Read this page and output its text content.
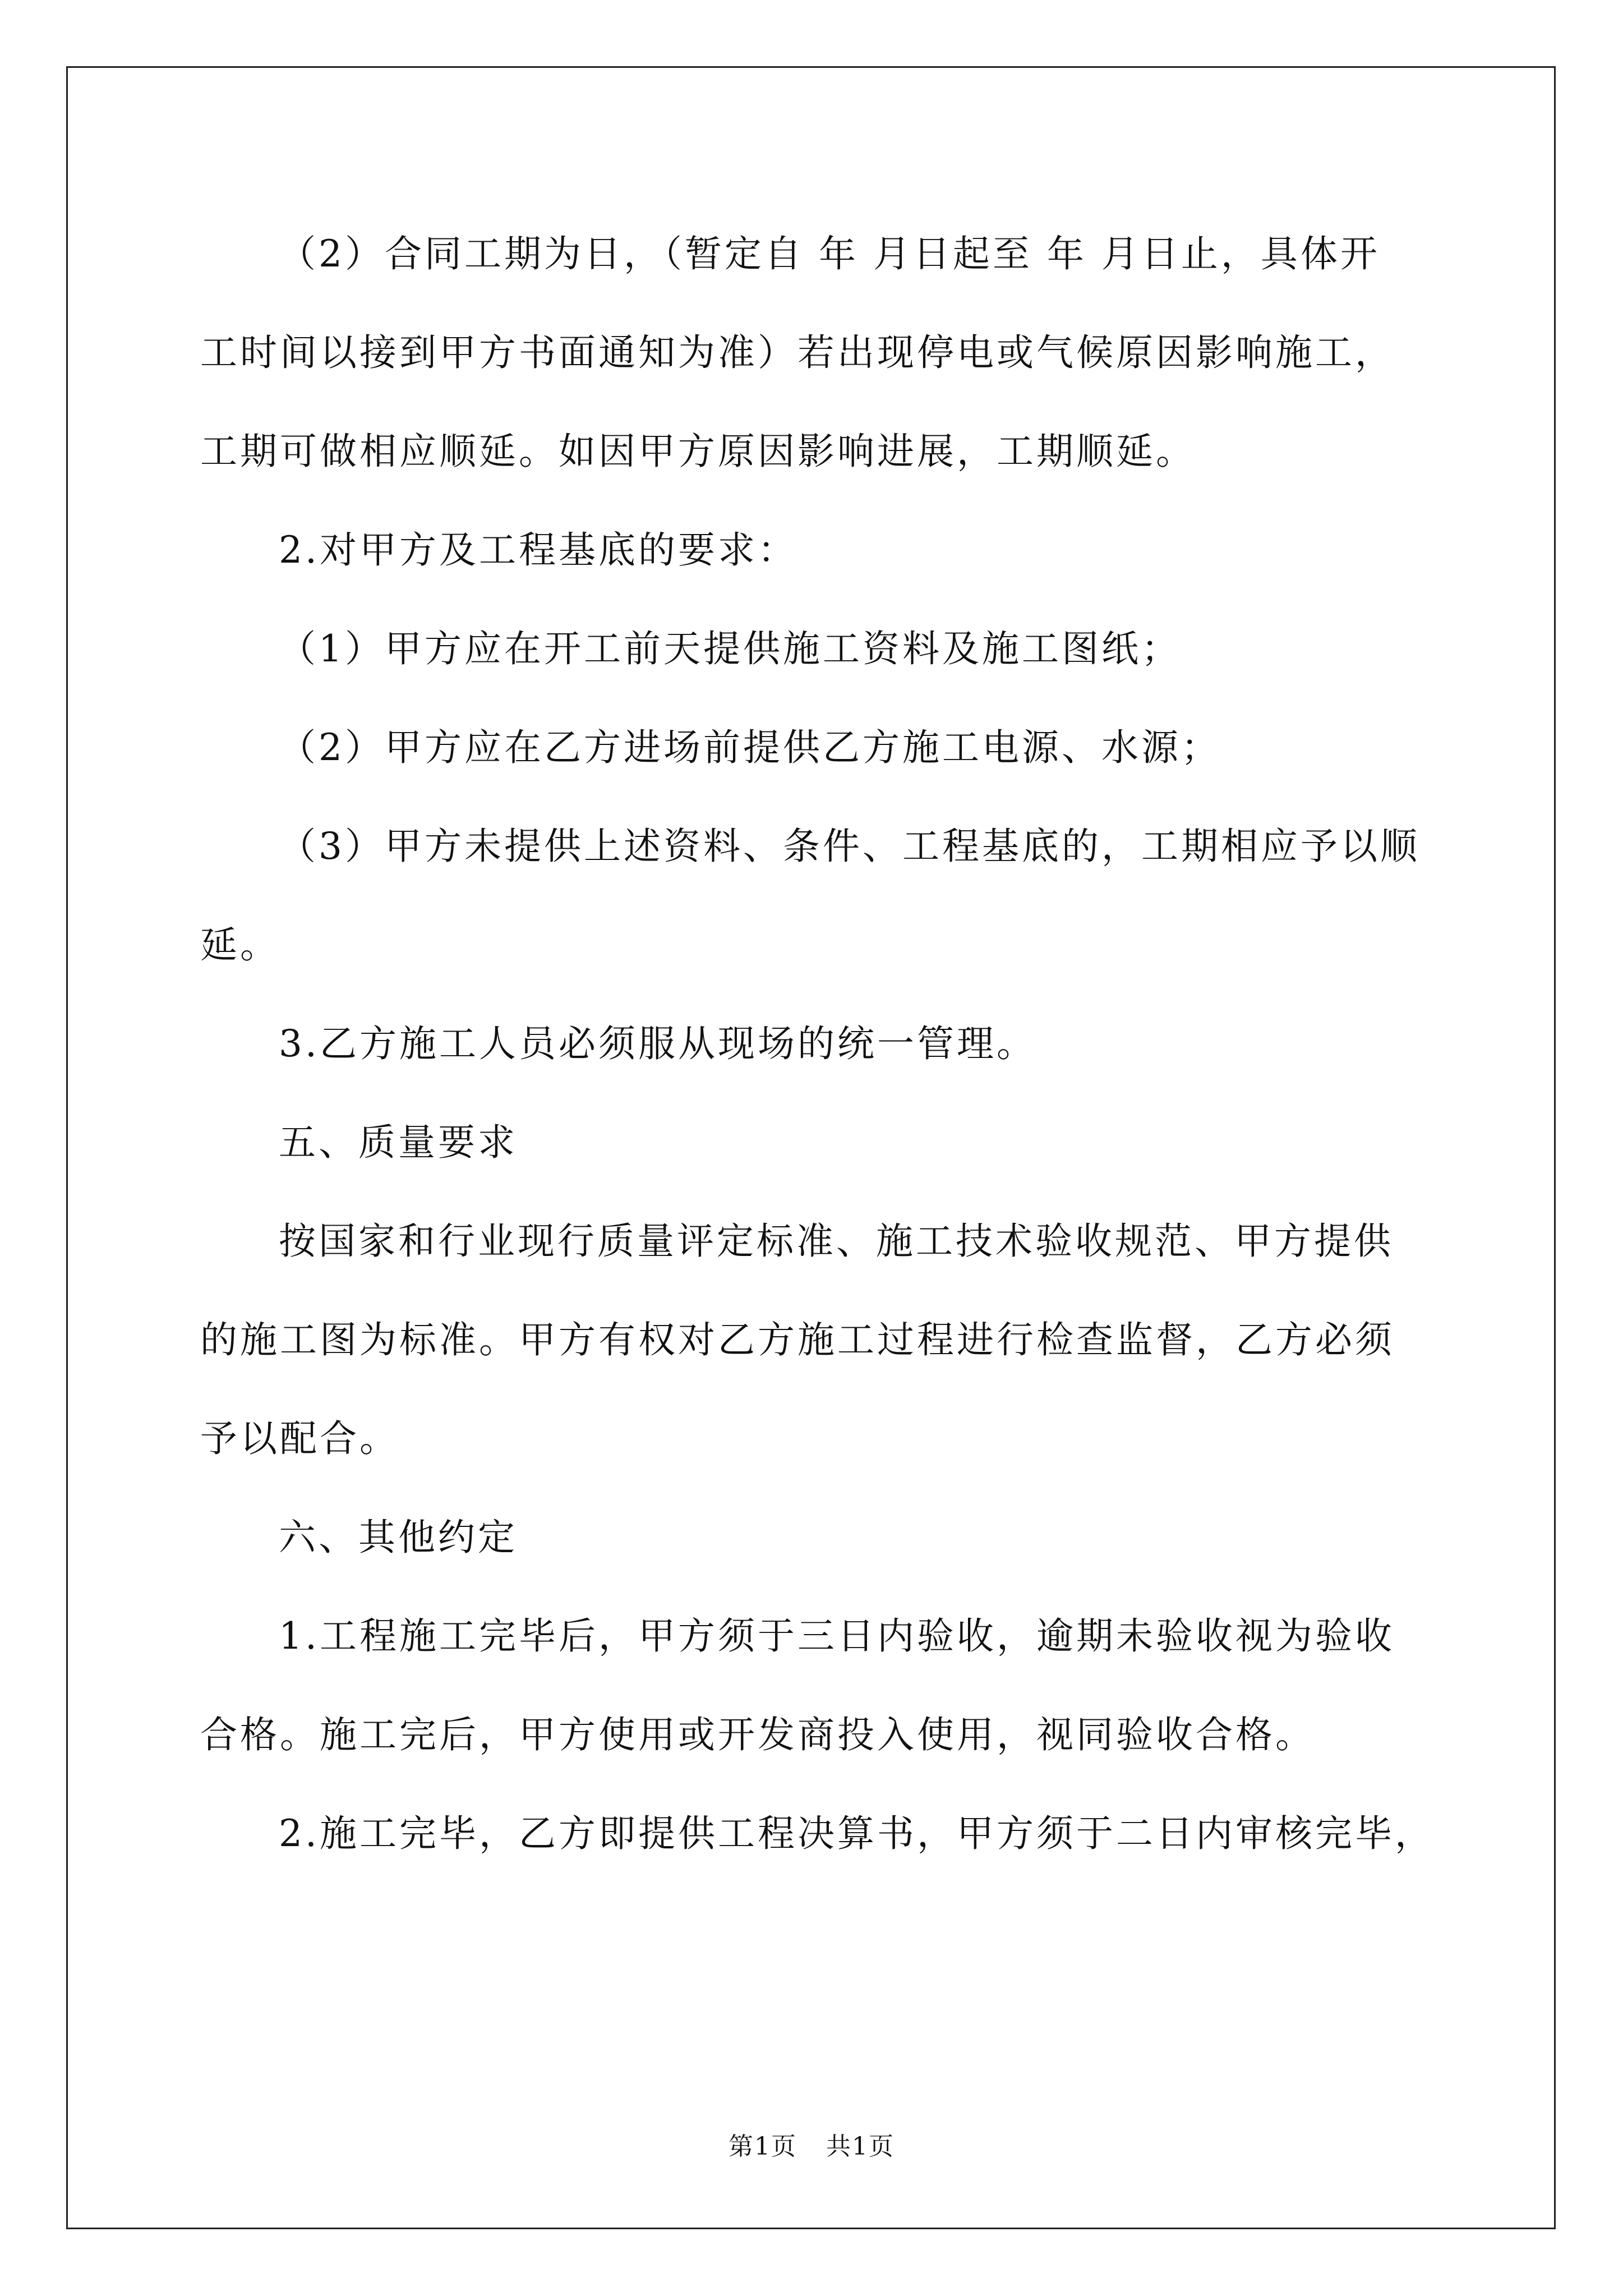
（2）合同工期为日，（暂定自 年 月日起至 年 月日止，具体开

工时间以接到甲方书面通知为准）若出现停电或气候原因影响施工，

工期可做相应顺延。如因甲方原因影响进展，工期顺延。

2.对甲方及工程基底的要求：

（1）甲方应在开工前天提供施工资料及施工图纸；

（2）甲方应在乙方进场前提供乙方施工电源、水源；

（3）甲方未提供上述资料、条件、工程基底的，工期相应予以顺

延。

3.乙方施工人员必须服从现场的统一管理。

五、质量要求

按国家和行业现行质量评定标准、施工技术验收规范、甲方提供

的施工图为标准。甲方有权对乙方施工过程进行检查监督，乙方必须

予以配合。

六、其他约定

1.工程施工完毕后，甲方须于三日内验收，逾期未验收视为验收

合格。施工完后，甲方使用或开发商投入使用，视同验收合格。

2.施工完毕，乙方即提供工程决算书，甲方须于二日内审核完毕，

第1页 共1页
